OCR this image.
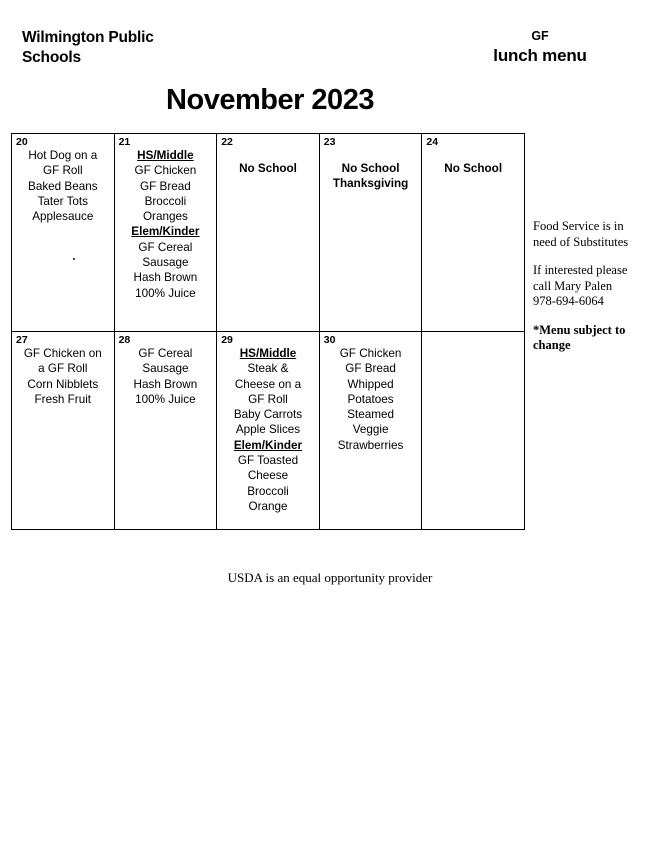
Wilmington Public
Schools
GF
lunch menu
November 2023
20
Hot Dog on a
GF Roll
Baked Beans
Tater Tots
Applesauce

21
HS/Middle
GF Chicken
GF Bread
Broccoli
Oranges
Elem/Kinder
GF Cereal
Sausage
Hash Brown
100% Juice

22
No School

23
No School
Thanksgiving

24
No School

27
GF Chicken on
a GF Roll
Corn Nibblets
Fresh Fruit

28
GF Cereal
Sausage
Hash Brown
100% Juice

29
HS/Middle
Steak &
Cheese on a
GF Roll
Baby Carrots
Apple Slices
Elem/Kinder
GF Toasted
Cheese
Broccoli
Orange

30
GF Chicken
GF Bread
Whipped
Potatoes
Steamed
Veggie
Strawberries

Food Service is in
need of Substitutes
If interested please
call Mary Palen
978-694-6064
*Menu subject to
change
USDA is an equal opportunity provider
